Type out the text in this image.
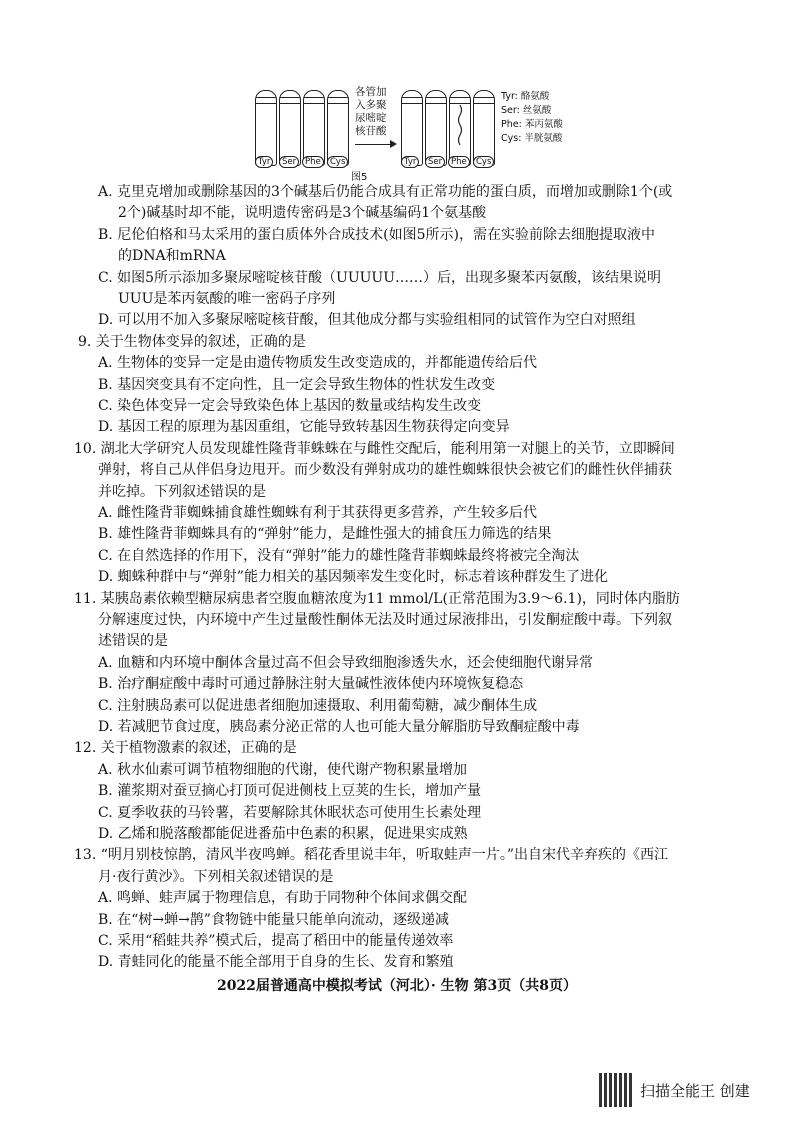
Tyr	Ser	Phe	Cys
各管加
入多聚
尿嘧啶
核苷酸
图5
Tyr	Ser	Phe	Cys
Tyr: 酪氨酸
Ser: 丝氨酸
Phe: 苯丙氨酸
Cys: 半胱氨酸
A. 克里克增加或删除基因的3个碱基后仍能合成具有正常功能的蛋白质，而增加或删除1个(或
2个)碱基时却不能，说明遗传密码是3个碱基编码1个氨基酸
B. 尼伦伯格和马太采用的蛋白质体外合成技术(如图5所示)，需在实验前除去细胞提取液中
的DNA和mRNA
C. 如图5所示添加多聚尿嘧啶核苷酸（UUUUU……）后，出现多聚苯丙氨酸，该结果说明
UUU是苯丙氨酸的唯一密码子序列
D. 可以用不加入多聚尿嘧啶核苷酸，但其他成分都与实验组相同的试管作为空白对照组
9. 关于生物体变异的叙述，正确的是
A. 生物体的变异一定是由遗传物质发生改变造成的，并都能遗传给后代
B. 基因突变具有不定向性，且一定会导致生物体的性状发生改变
C. 染色体变异一定会导致染色体上基因的数量或结构发生改变
D. 基因工程的原理为基因重组，它能导致转基因生物获得定向变异
10. 湖北大学研究人员发现雄性隆背菲蛛蛛在与雌性交配后，能利用第一对腿上的关节，立即瞬间
弹射，将自己从伴侣身边甩开。而少数没有弹射成功的雄性蜘蛛很快会被它们的雌性伙伴捕获
并吃掉。下列叙述错误的是
A. 雌性隆背菲蜘蛛捕食雄性蜘蛛有利于其获得更多营养，产生较多后代
B. 雄性隆背菲蜘蛛具有的“弹射”能力，是雌性强大的捕食压力筛选的结果
C. 在自然选择的作用下，没有“弹射”能力的雄性隆背菲蜘蛛最终将被完全淘汰
D. 蜘蛛种群中与“弹射”能力相关的基因频率发生变化时，标志着该种群发生了进化
11. 某胰岛素依赖型糖尿病患者空腹血糖浓度为11 mmol/L(正常范围为3.9～6.1)，同时体内脂肪
分解速度过快，内环境中产生过量酸性酮体无法及时通过尿液排出，引发酮症酸中毒。下列叙
述错误的是
A. 血糖和内环境中酮体含量过高不但会导致细胞渗透失水，还会使细胞代谢异常
B. 治疗酮症酸中毒时可通过静脉注射大量碱性液体使内环境恢复稳态
C. 注射胰岛素可以促进患者细胞加速摄取、利用葡萄糖，减少酮体生成
D. 若减肥节食过度，胰岛素分泌正常的人也可能大量分解脂肪导致酮症酸中毒
12. 关于植物激素的叙述，正确的是
A. 秋水仙素可调节植物细胞的代谢，使代谢产物积累量增加
B. 灌浆期对蚕豆摘心打顶可促进侧枝上豆荚的生长，增加产量
C. 夏季收获的马铃薯，若要解除其休眠状态可使用生长素处理
D. 乙烯和脱落酸都能促进番茄中色素的积累，促进果实成熟
13. “明月别枝惊鹊，清风半夜鸣蝉。稻花香里说丰年，听取蛙声一片。”出自宋代辛弃疾的《西江
月·夜行黄沙》。下列相关叙述错误的是
A. 鸣蝉、蛙声属于物理信息，有助于同物种个体间求偶交配
B. 在“树→蝉→鹊”食物链中能量只能单向流动，逐级递减
C. 采用“稻蛙共养”模式后，提高了稻田中的能量传递效率
D. 青蛙同化的能量不能全部用于自身的生长、发育和繁殖
2022届普通高中模拟考试（河北）· 生物 第3页（共8页）
扫描全能王 创建
